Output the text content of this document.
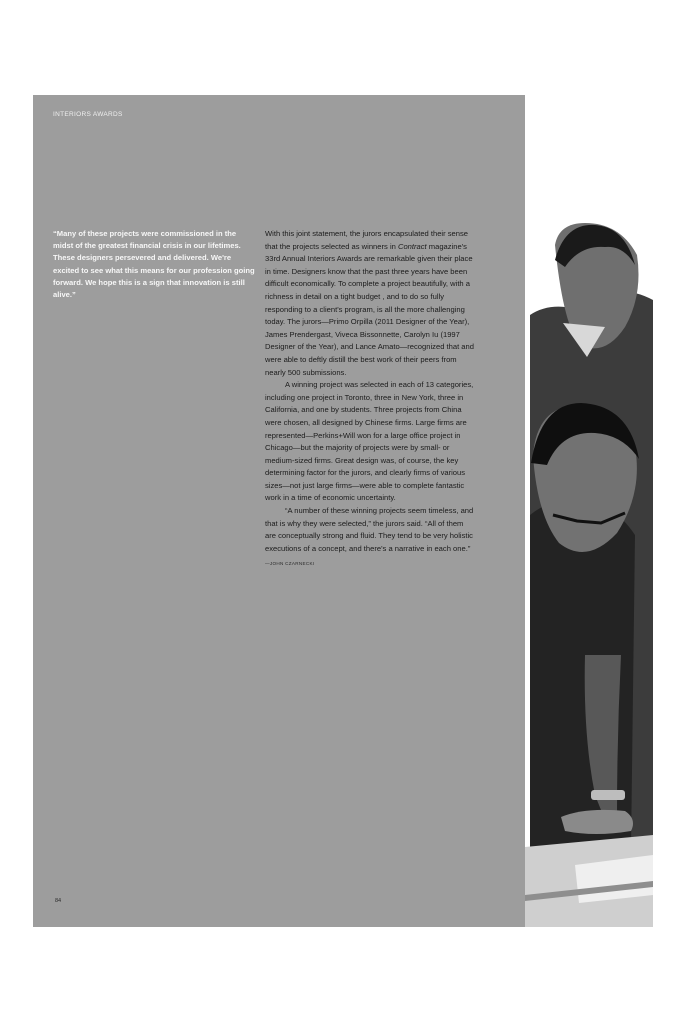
INTERIORS AWARDS

“Many of these projects were commissioned in the midst of the greatest financial crisis in our lifetimes. These designers persevered and delivered. We're excited to see what this means for our profession going forward. We hope this is a sign that innovation is still alive.”

With this joint statement, the jurors encapsulated their sense that the projects selected as winners in Contract magazine's 33rd Annual Interiors Awards are remarkable given their place in time. Designers know that the past three years have been difficult economically. To complete a project beautifully, with a richness in detail on a tight budget , and to do so fully responding to a client's program, is all the more challenging today. The jurors—Primo Orpilla (2011 Designer of the Year), James Prendergast, Viveca Bissonnette, Carolyn Iu (1997 Designer of the Year), and Lance Amato—recognized that and were able to deftly distill the best work of their peers from nearly 500 submissions.

A winning project was selected in each of 13 categories, including one project in Toronto, three in New York, three in California, and one by students. Three projects from China were chosen, all designed by Chinese firms. Large firms are represented—Perkins+Will won for a large office project in Chicago—but the majority of projects were by small- or medium-sized firms. Great design was, of course, the key determining factor for the jurors, and clearly firms of various sizes—not just large firms—were able to complete fantastic work in a time of economic uncertainty.

“A number of these winning projects seem timeless, and that is why they were selected,” the jurors said. “All of them are conceptually strong and fluid. They tend to be very holistic executions of a concept, and there's a narrative in each one.”

—JOHN CZARNECKI
84
